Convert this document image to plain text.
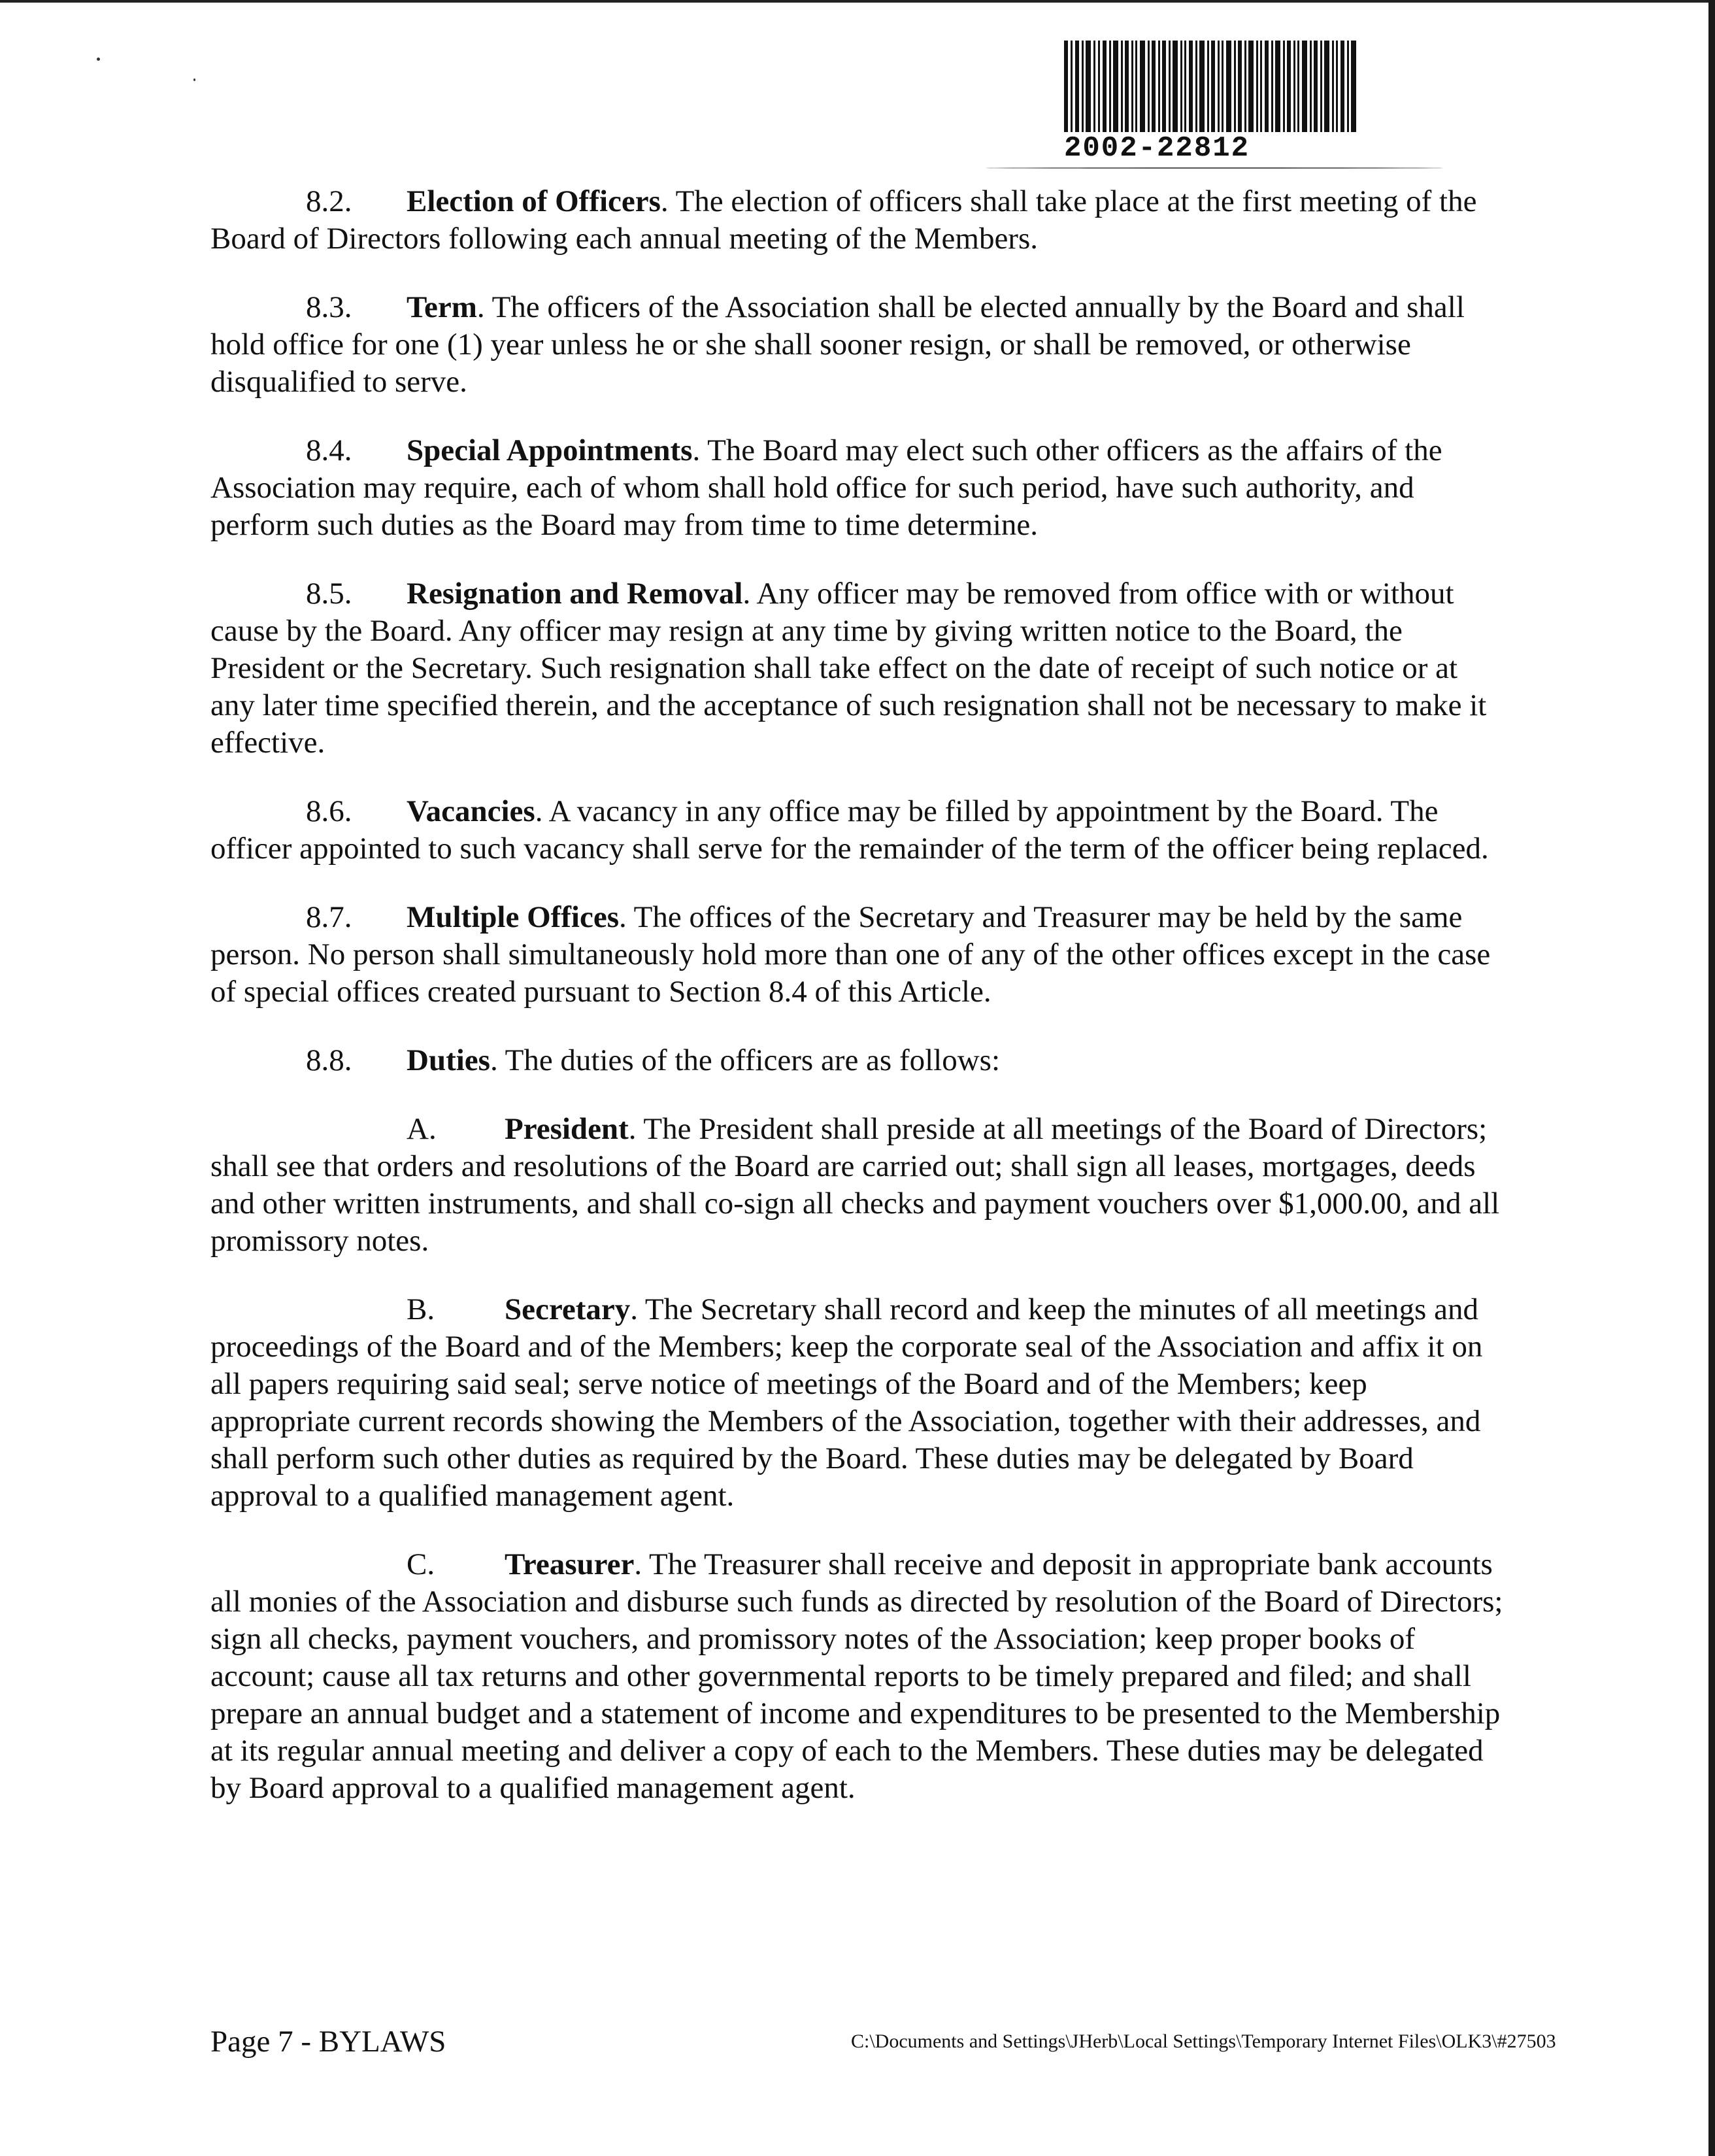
2002-22812

8.2. Election of Officers. The election of officers shall take place at the first meeting of the Board of Directors following each annual meeting of the Members.

8.3. Term. The officers of the Association shall be elected annually by the Board and shall hold office for one (1) year unless he or she shall sooner resign, or shall be removed, or otherwise disqualified to serve.

8.4. Special Appointments. The Board may elect such other officers as the affairs of the Association may require, each of whom shall hold office for such period, have such authority, and perform such duties as the Board may from time to time determine.

8.5. Resignation and Removal. Any officer may be removed from office with or without cause by the Board. Any officer may resign at any time by giving written notice to the Board, the President or the Secretary. Such resignation shall take effect on the date of receipt of such notice or at any later time specified therein, and the acceptance of such resignation shall not be necessary to make it effective.

8.6. Vacancies. A vacancy in any office may be filled by appointment by the Board. The officer appointed to such vacancy shall serve for the remainder of the term of the officer being replaced.

8.7. Multiple Offices. The offices of the Secretary and Treasurer may be held by the same person. No person shall simultaneously hold more than one of any of the other offices except in the case of special offices created pursuant to Section 8.4 of this Article.

8.8. Duties. The duties of the officers are as follows:

A. President. The President shall preside at all meetings of the Board of Directors; shall see that orders and resolutions of the Board are carried out; shall sign all leases, mortgages, deeds and other written instruments, and shall co-sign all checks and payment vouchers over $1,000.00, and all promissory notes.

B. Secretary. The Secretary shall record and keep the minutes of all meetings and proceedings of the Board and of the Members; keep the corporate seal of the Association and affix it on all papers requiring said seal; serve notice of meetings of the Board and of the Members; keep appropriate current records showing the Members of the Association, together with their addresses, and shall perform such other duties as required by the Board. These duties may be delegated by Board approval to a qualified management agent.

C. Treasurer. The Treasurer shall receive and deposit in appropriate bank accounts all monies of the Association and disburse such funds as directed by resolution of the Board of Directors; sign all checks, payment vouchers, and promissory notes of the Association; keep proper books of account; cause all tax returns and other governmental reports to be timely prepared and filed; and shall prepare an annual budget and a statement of income and expenditures to be presented to the Membership at its regular annual meeting and deliver a copy of each to the Members. These duties may be delegated by Board approval to a qualified management agent.

Page 7 - BYLAWS	C:\Documents and Settings\JHerb\Local Settings\Temporary Internet Files\OLK3\#27503
